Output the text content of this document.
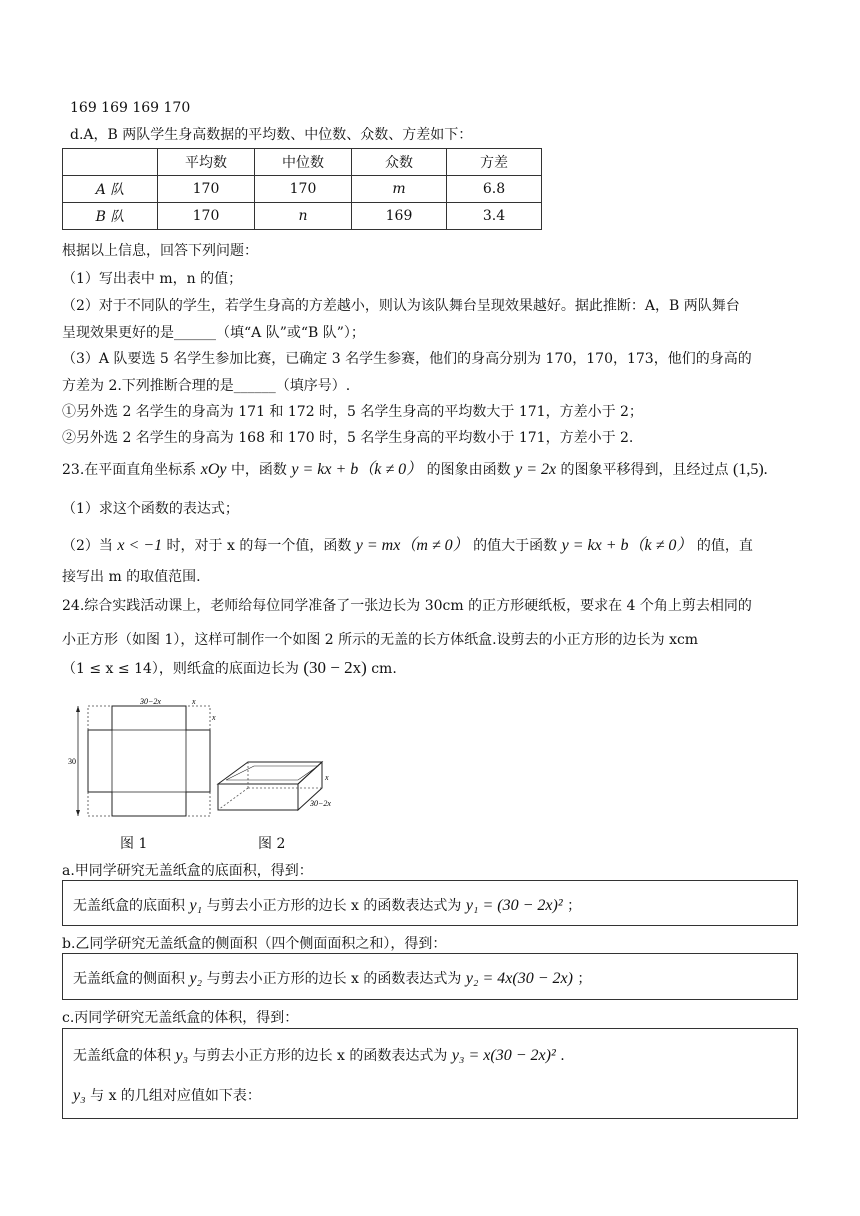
169 169 169 170
d.A，B 两队学生身高数据的平均数、中位数、众数、方差如下：
	平均数	中位数	众数	方差
A 队	170	170	m	6.8
B 队	170	n	169	3.4
根据以上信息，回答下列问题：
（1）写出表中 m，n 的值；
（2）对于不同队的学生，若学生身高的方差越小，则认为该队舞台呈现效果越好。据此推断：A，B 两队舞台
呈现效果更好的是______（填“A 队”或“B 队”）；
（3）A 队要选 5 名学生参加比赛，已确定 3 名学生参赛，他们的身高分别为 170，170，173，他们的身高的
方差为 2.下列推断合理的是______（填序号）.
①另外选 2 名学生的身高为 171 和 172 时，5 名学生身高的平均数大于 171，方差小于 2；
②另外选 2 名学生的身高为 168 和 170 时，5 名学生身高的平均数小于 171，方差小于 2.
23.在平面直角坐标系 xOy 中，函数 y = kx + b（k ≠ 0） 的图象由函数 y = 2x 的图象平移得到，且经过点 (1,5).
（1）求这个函数的表达式；
（2）当 x < −1 时，对于 x 的每一个值，函数 y = mx（m ≠ 0） 的值大于函数 y = kx + b（k ≠ 0） 的值，直
接写出 m 的取值范围.
24.综合实践活动课上，老师给每位同学准备了一张边长为 30cm 的正方形硬纸板，要求在 4 个角上剪去相同的
小正方形（如图 1），这样可制作一个如图 2 所示的无盖的长方体纸盒.设剪去的小正方形的边长为 xcm
（1 ≤ x ≤ 14），则纸盒的底面边长为 (30 − 2x) cm.
30−2x	x
x
30
x
30−2x
图 1	图 2
a.甲同学研究无盖纸盒的底面积，得到：
无盖纸盒的底面积 y₁ 与剪去小正方形的边长 x 的函数表达式为 y₁ = (30 − 2x)² ；
b.乙同学研究无盖纸盒的侧面积（四个侧面面积之和），得到：
无盖纸盒的侧面积 y₂ 与剪去小正方形的边长 x 的函数表达式为 y₂ = 4x(30 − 2x) ；
c.丙同学研究无盖纸盒的体积，得到：
无盖纸盒的体积 y₃ 与剪去小正方形的边长 x 的函数表达式为 y₃ = x(30 − 2x)² .
y₃ 与 x 的几组对应值如下表：
